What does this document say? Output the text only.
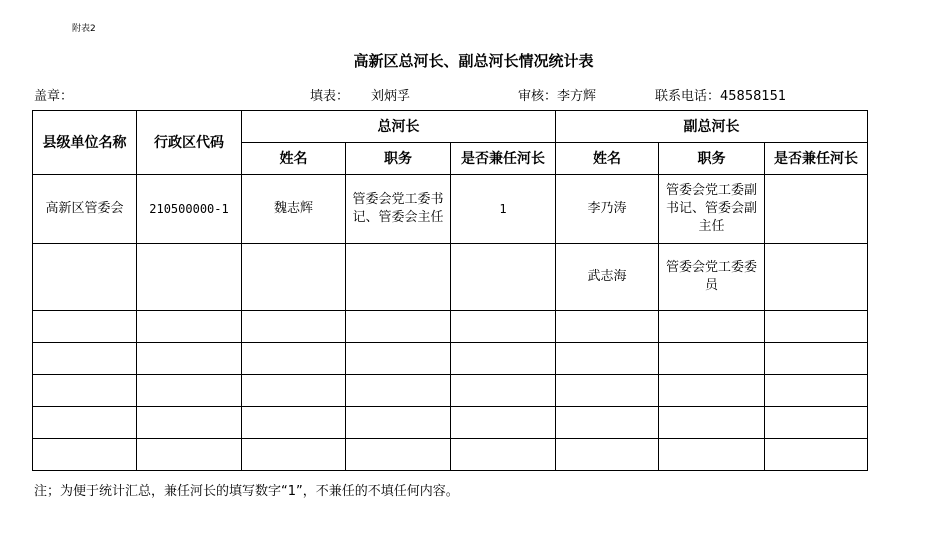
附表2
高新区总河长、副总河长情况统计表
盖章：	填表： 刘炳孚	审核：李方辉	联系电话：45858151
县级单位名称	行政区代码	总河长			副总河长		
		姓名	职务	是否兼任河长	姓名	职务	是否兼任河长
高新区管委会	210500000-1	魏志辉	管委会党工委书记、管委会主任	1	李乃涛	管委会党工委副书记、管委会副主任	
					武志海	管委会党工委委员	

注；为便于统计汇总，兼任河长的填写数字“1”，不兼任的不填任何内容。
